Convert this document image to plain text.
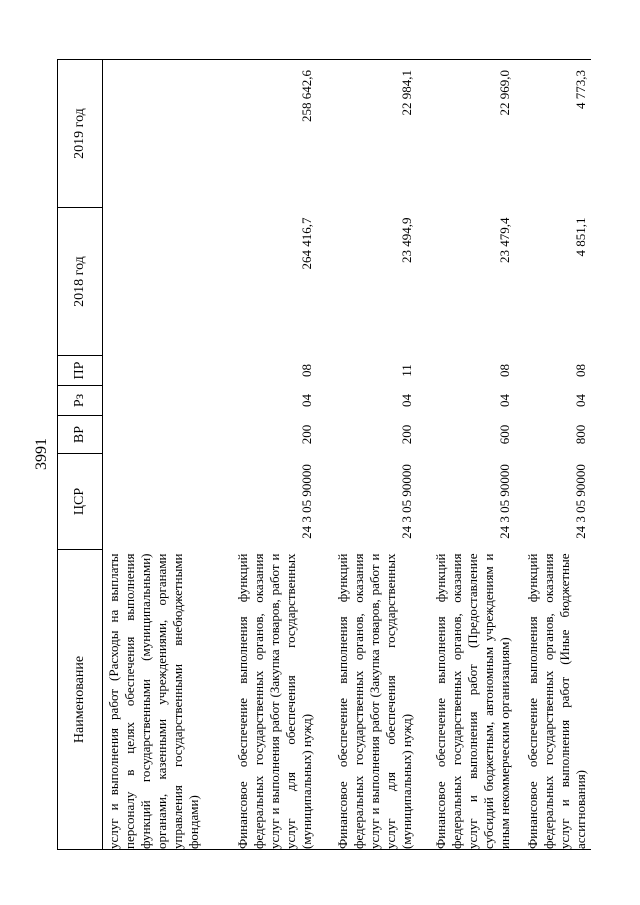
3991
Наименование	ЦСР	ВР	Рз	ПР	2018 год	2019 год
услуг и выполнения работ (Расходы на выплаты персоналу в целях обеспечения выполнения функций государственными (муниципальными) органами, казенными учреждениями, органами управления государственными внебюджетными фондами)						
Финансовое обеспечение выполнения функций федеральных государственных органов, оказания услуг и выполнения работ (Закупка товаров, работ и услуг для обеспечения государственных (муниципальных) нужд)	24 3 05 90000	200	04	08	264 416,7	258 642,6
Финансовое обеспечение выполнения функций федеральных государственных органов, оказания услуг и выполнения работ (Закупка товаров, работ и услуг для обеспечения государственных (муниципальных) нужд)	24 3 05 90000	200	04	11	23 494,9	22 984,1
Финансовое обеспечение выполнения функций федеральных государственных органов, оказания услуг и выполнения работ (Предоставление субсидий бюджетным, автономным учреждениям и иным некоммерческим организациям)	24 3 05 90000	600	04	08	23 479,4	22 969,0
Финансовое обеспечение выполнения функций федеральных государственных органов, оказания услуг и выполнения работ (Иные бюджетные ассигнования)	24 3 05 90000	800	04	08	4 851,1	4 773,3
